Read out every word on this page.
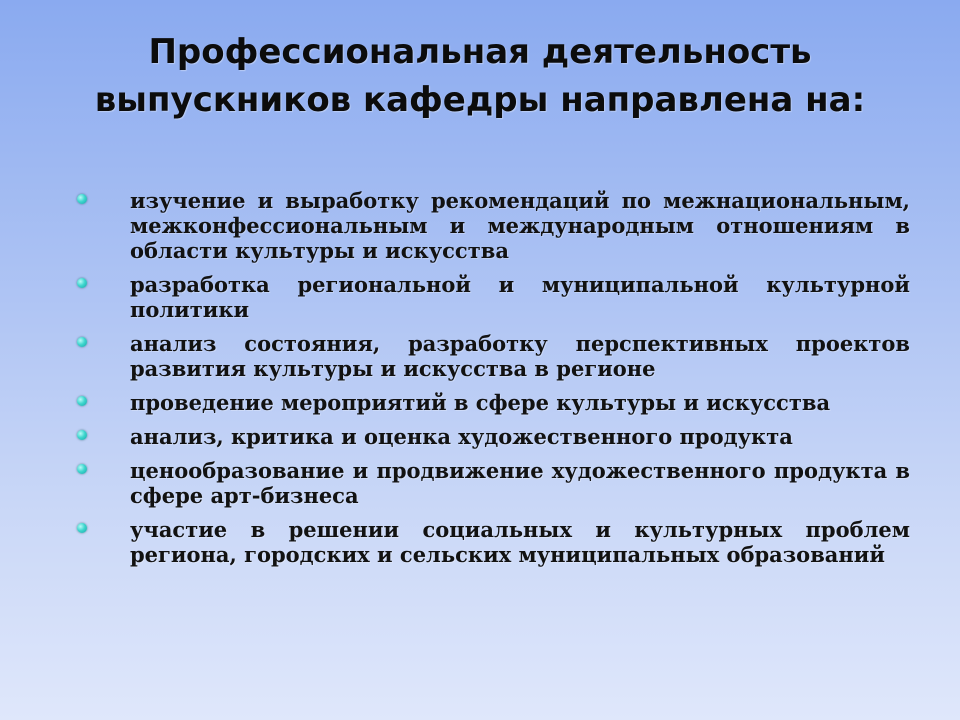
Профессиональная деятельность
выпускников кафедры направлена на:
изучение и выработку рекомендаций по межнациональным, межконфессиональным и международным отношениям в области культуры и искусства
разработка региональной и муниципальной культурной политики
анализ состояния, разработку перспективных проектов развития культуры и искусства в регионе
проведение мероприятий в сфере культуры и искусства
анализ, критика и оценка художественного продукта
ценообразование и продвижение художественного продукта в сфере арт-бизнеса
участие в решении социальных и культурных проблем региона, городских и сельских муниципальных образований
